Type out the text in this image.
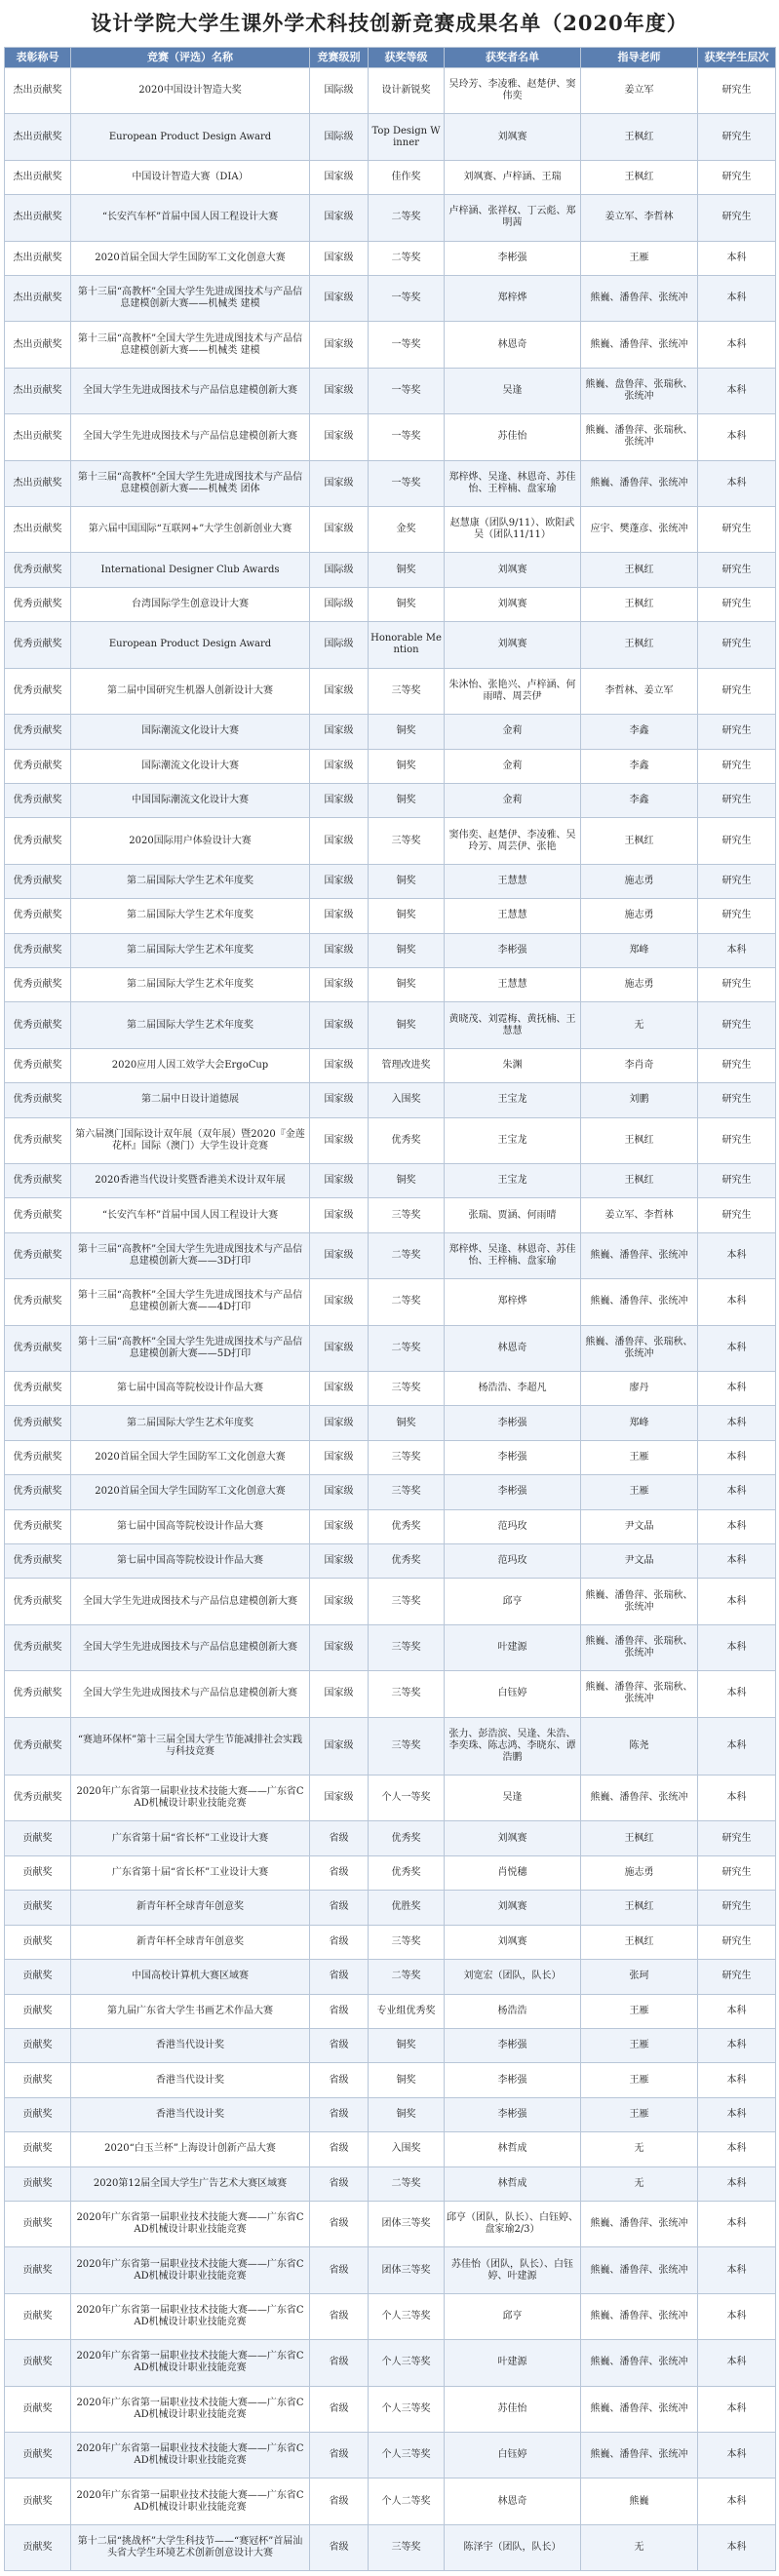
设计学院大学生课外学术科技创新竞赛成果名单（2020年度）
表彰称号	竞赛（评选）名称	竞赛级别	获奖等级	获奖者名单	指导老师	获奖学生层次
杰出贡献奖	2020中国设计智造大奖	国际级	设计新锐奖	吴玲芳、李凌雅、赵楚伊、窦伟奕	姜立军	研究生
杰出贡献奖	European Product Design Award	国际级	Top Design Winner	刘飒赛	王枫红	研究生
杰出贡献奖	中国设计智造大赛（DIA）	国家级	佳作奖	刘飒赛、卢梓涵、王瑞	王枫红	研究生
杰出贡献奖	“长安汽车杯”首届中国人因工程设计大赛	国家级	二等奖	卢梓涵、张祥权、丁云彪、郑明茜	姜立军、李哲林	研究生
杰出贡献奖	2020首届全国大学生国防军工文化创意大赛	国家级	二等奖	李彬强	王雁	本科
杰出贡献奖	第十三届“高教杯”全国大学生先进成图技术与产品信息建模创新大赛——机械类 建模	国家级	一等奖	郑梓烨	熊巍、潘鲁萍、张统冲	本科
杰出贡献奖	第十三届“高教杯”全国大学生先进成图技术与产品信息建模创新大赛——机械类 建模	国家级	一等奖	林恩奇	熊巍、潘鲁萍、张统冲	本科
杰出贡献奖	全国大学生先进成图技术与产品信息建模创新大赛	国家级	一等奖	吴逢	熊巍、盘鲁萍、张瑞秋、张统冲	本科
杰出贡献奖	全国大学生先进成图技术与产品信息建模创新大赛	国家级	一等奖	苏佳怡	熊巍、潘鲁萍、张瑞秋、张统冲	本科
杰出贡献奖	第十三届“高教杯”全国大学生先进成图技术与产品信息建模创新大赛——机械类 团体	国家级	一等奖	郑梓烨、吴逢、林恩奇、苏佳怡、王梓楠、盘家瑜	熊巍、潘鲁萍、张统冲	本科
杰出贡献奖	第六届中国国际“互联网+”大学生创新创业大赛	国家级	金奖	赵慧康（团队9/11）、欧阳武吴（团队11/11）	应宇、樊蓬彦、张统冲	研究生
优秀贡献奖	International Designer Club Awards	国际级	铜奖	刘飒赛	王枫红	研究生
优秀贡献奖	台湾国际学生创意设计大赛	国际级	铜奖	刘飒赛	王枫红	研究生
优秀贡献奖	European Product Design Award	国际级	Honorable Mention	刘飒赛	王枫红	研究生
优秀贡献奖	第二届中国研究生机器人创新设计大赛	国家级	三等奖	朱沐怡、张艳兴、卢梓涵、何雨晴、周芸伊	李哲林、姜立军	研究生
优秀贡献奖	国际潮流文化设计大赛	国家级	铜奖	金莉	李鑫	研究生
优秀贡献奖	国际潮流文化设计大赛	国家级	铜奖	金莉	李鑫	研究生
优秀贡献奖	中国国际潮流文化设计大赛	国家级	铜奖	金莉	李鑫	研究生
优秀贡献奖	2020国际用户体验设计大赛	国家级	三等奖	窦伟奕、赵楚伊、李凌雅、吴玲芳、周芸伊、张艳	王枫红	研究生
优秀贡献奖	第二届国际大学生艺术年度奖	国家级	铜奖	王慧慧	施志勇	研究生
优秀贡献奖	第二届国际大学生艺术年度奖	国家级	铜奖	王慧慧	施志勇	研究生
优秀贡献奖	第二届国际大学生艺术年度奖	国家级	铜奖	李彬强	郑峰	本科
优秀贡献奖	第二届国际大学生艺术年度奖	国家级	铜奖	王慧慧	施志勇	研究生
优秀贡献奖	第二届国际大学生艺术年度奖	国家级	铜奖	黄晓茂、刘霓梅、黄抚楠、王慧慧	无	研究生
优秀贡献奖	2020应用人因工效学大会ErgoCup	国家级	管理改进奖	朱渊	李肖奇	研究生
优秀贡献奖	第二届中日设计道德展	国家级	入围奖	王宝龙	刘鹏	研究生
优秀贡献奖	第六届澳门国际设计双年展（双年展）暨2020『金莲花杯』国际（澳门）大学生设计竞赛	国家级	优秀奖	王宝龙	王枫红	研究生
优秀贡献奖	2020香港当代设计奖暨香港美术设计双年展	国家级	铜奖	王宝龙	王枫红	研究生
优秀贡献奖	“长安汽车杯”首届中国人因工程设计大赛	国家级	三等奖	张瑞、贾涵、何雨晴	姜立军、李哲林	研究生
优秀贡献奖	第十三届“高教杯”全国大学生先进成图技术与产品信息建模创新大赛——3D打印	国家级	二等奖	郑梓烨、吴逢、林恩奇、苏佳怡、王梓楠、盘家瑜	熊巍、潘鲁萍、张统冲	本科
优秀贡献奖	第十三届“高教杯”全国大学生先进成图技术与产品信息建模创新大赛——4D打印	国家级	二等奖	郑梓烨	熊巍、潘鲁萍、张统冲	本科
优秀贡献奖	第十三届“高教杯”全国大学生先进成图技术与产品信息建模创新大赛——5D打印	国家级	二等奖	林恩奇	熊巍、潘鲁萍、张瑞秋、张统冲	本科
优秀贡献奖	第七届中国高等院校设计作品大赛	国家级	三等奖	杨浩浩、李超凡	廖丹	本科
优秀贡献奖	第二届国际大学生艺术年度奖	国家级	铜奖	李彬强	郑峰	本科
优秀贡献奖	2020首届全国大学生国防军工文化创意大赛	国家级	三等奖	李彬强	王雁	本科
优秀贡献奖	2020首届全国大学生国防军工文化创意大赛	国家级	三等奖	李彬强	王雁	本科
优秀贡献奖	第七届中国高等院校设计作品大赛	国家级	优秀奖	范玛玫	尹文晶	本科
优秀贡献奖	第七届中国高等院校设计作品大赛	国家级	优秀奖	范玛玫	尹文晶	本科
优秀贡献奖	全国大学生先进成图技术与产品信息建模创新大赛	国家级	三等奖	邱亨	熊巍、潘鲁萍、张瑞秋、张统冲	本科
优秀贡献奖	全国大学生先进成图技术与产品信息建模创新大赛	国家级	三等奖	叶建源	熊巍、潘鲁萍、张瑞秋、张统冲	本科
优秀贡献奖	全国大学生先进成图技术与产品信息建模创新大赛	国家级	三等奖	白钰婷	熊巍、潘鲁萍、张瑞秋、张统冲	本科
优秀贡献奖	“赛迪环保杯”第十三届全国大学生节能减排社会实践与科技竞赛	国家级	三等奖	张力、彭浩滨、吴逢、朱浩、李奕珠、陈志鸿、李晓东、谭浩鹏	陈尧	本科
优秀贡献奖	2020年广东省第一届职业技术技能大赛——广东省CAD机械设计职业技能竞赛	国家级	个人一等奖	吴逢	熊巍、潘鲁萍、张统冲	本科
贡献奖	广东省第十届“省长杯”工业设计大赛	省级	优秀奖	刘飒赛	王枫红	研究生
贡献奖	广东省第十届“省长杯”工业设计大赛	省级	优秀奖	肖悦穗	施志勇	研究生
贡献奖	新青年杯全球青年创意奖	省级	优胜奖	刘飒赛	王枫红	研究生
贡献奖	新青年杯全球青年创意奖	省级	三等奖	刘飒赛	王枫红	研究生
贡献奖	中国高校计算机大赛区域赛	省级	二等奖	刘宽宏（团队，队长）	张珂	研究生
贡献奖	第九届广东省大学生书画艺术作品大赛	省级	专业组优秀奖	杨浩浩	王雁	本科
贡献奖	香港当代设计奖	省级	铜奖	李彬强	王雁	本科
贡献奖	香港当代设计奖	省级	铜奖	李彬强	王雁	本科
贡献奖	香港当代设计奖	省级	铜奖	李彬强	王雁	本科
贡献奖	2020“白玉兰杯”上海设计创新产品大赛	省级	入围奖	林哲成	无	本科
贡献奖	2020第12届全国大学生广告艺术大赛区域赛	省级	二等奖	林哲成	无	本科
贡献奖	2020年广东省第一届职业技术技能大赛——广东省CAD机械设计职业技能竞赛	省级	团体三等奖	邱亨（团队，队长）、白钰婷、盘家瑜2/3）	熊巍、潘鲁萍、张统冲	本科
贡献奖	2020年广东省第一届职业技术技能大赛——广东省CAD机械设计职业技能竞赛	省级	团体三等奖	苏佳怡（团队，队长）、白钰婷、叶建源	熊巍、潘鲁萍、张统冲	本科
贡献奖	2020年广东省第一届职业技术技能大赛——广东省CAD机械设计职业技能竞赛	省级	个人三等奖	邱亨	熊巍、潘鲁萍、张统冲	本科
贡献奖	2020年广东省第一届职业技术技能大赛——广东省CAD机械设计职业技能竞赛	省级	个人三等奖	叶建源	熊巍、潘鲁萍、张统冲	本科
贡献奖	2020年广东省第一届职业技术技能大赛——广东省CAD机械设计职业技能竞赛	省级	个人三等奖	苏佳怡	熊巍、潘鲁萍、张统冲	本科
贡献奖	2020年广东省第一届职业技术技能大赛——广东省CAD机械设计职业技能竞赛	省级	个人三等奖	白钰婷	熊巍、潘鲁萍、张统冲	本科
贡献奖	2020年广东省第一届职业技术技能大赛——广东省CAD机械设计职业技能竞赛	省级	个人二等奖	林恩奇	熊巍	本科
贡献奖	第十二届“挑战杯”大学生科技节——“赛冠杯”首届汕头省大学生环境艺术创新创意设计大赛	省级	三等奖	陈泽宇（团队，队长）	无	本科
